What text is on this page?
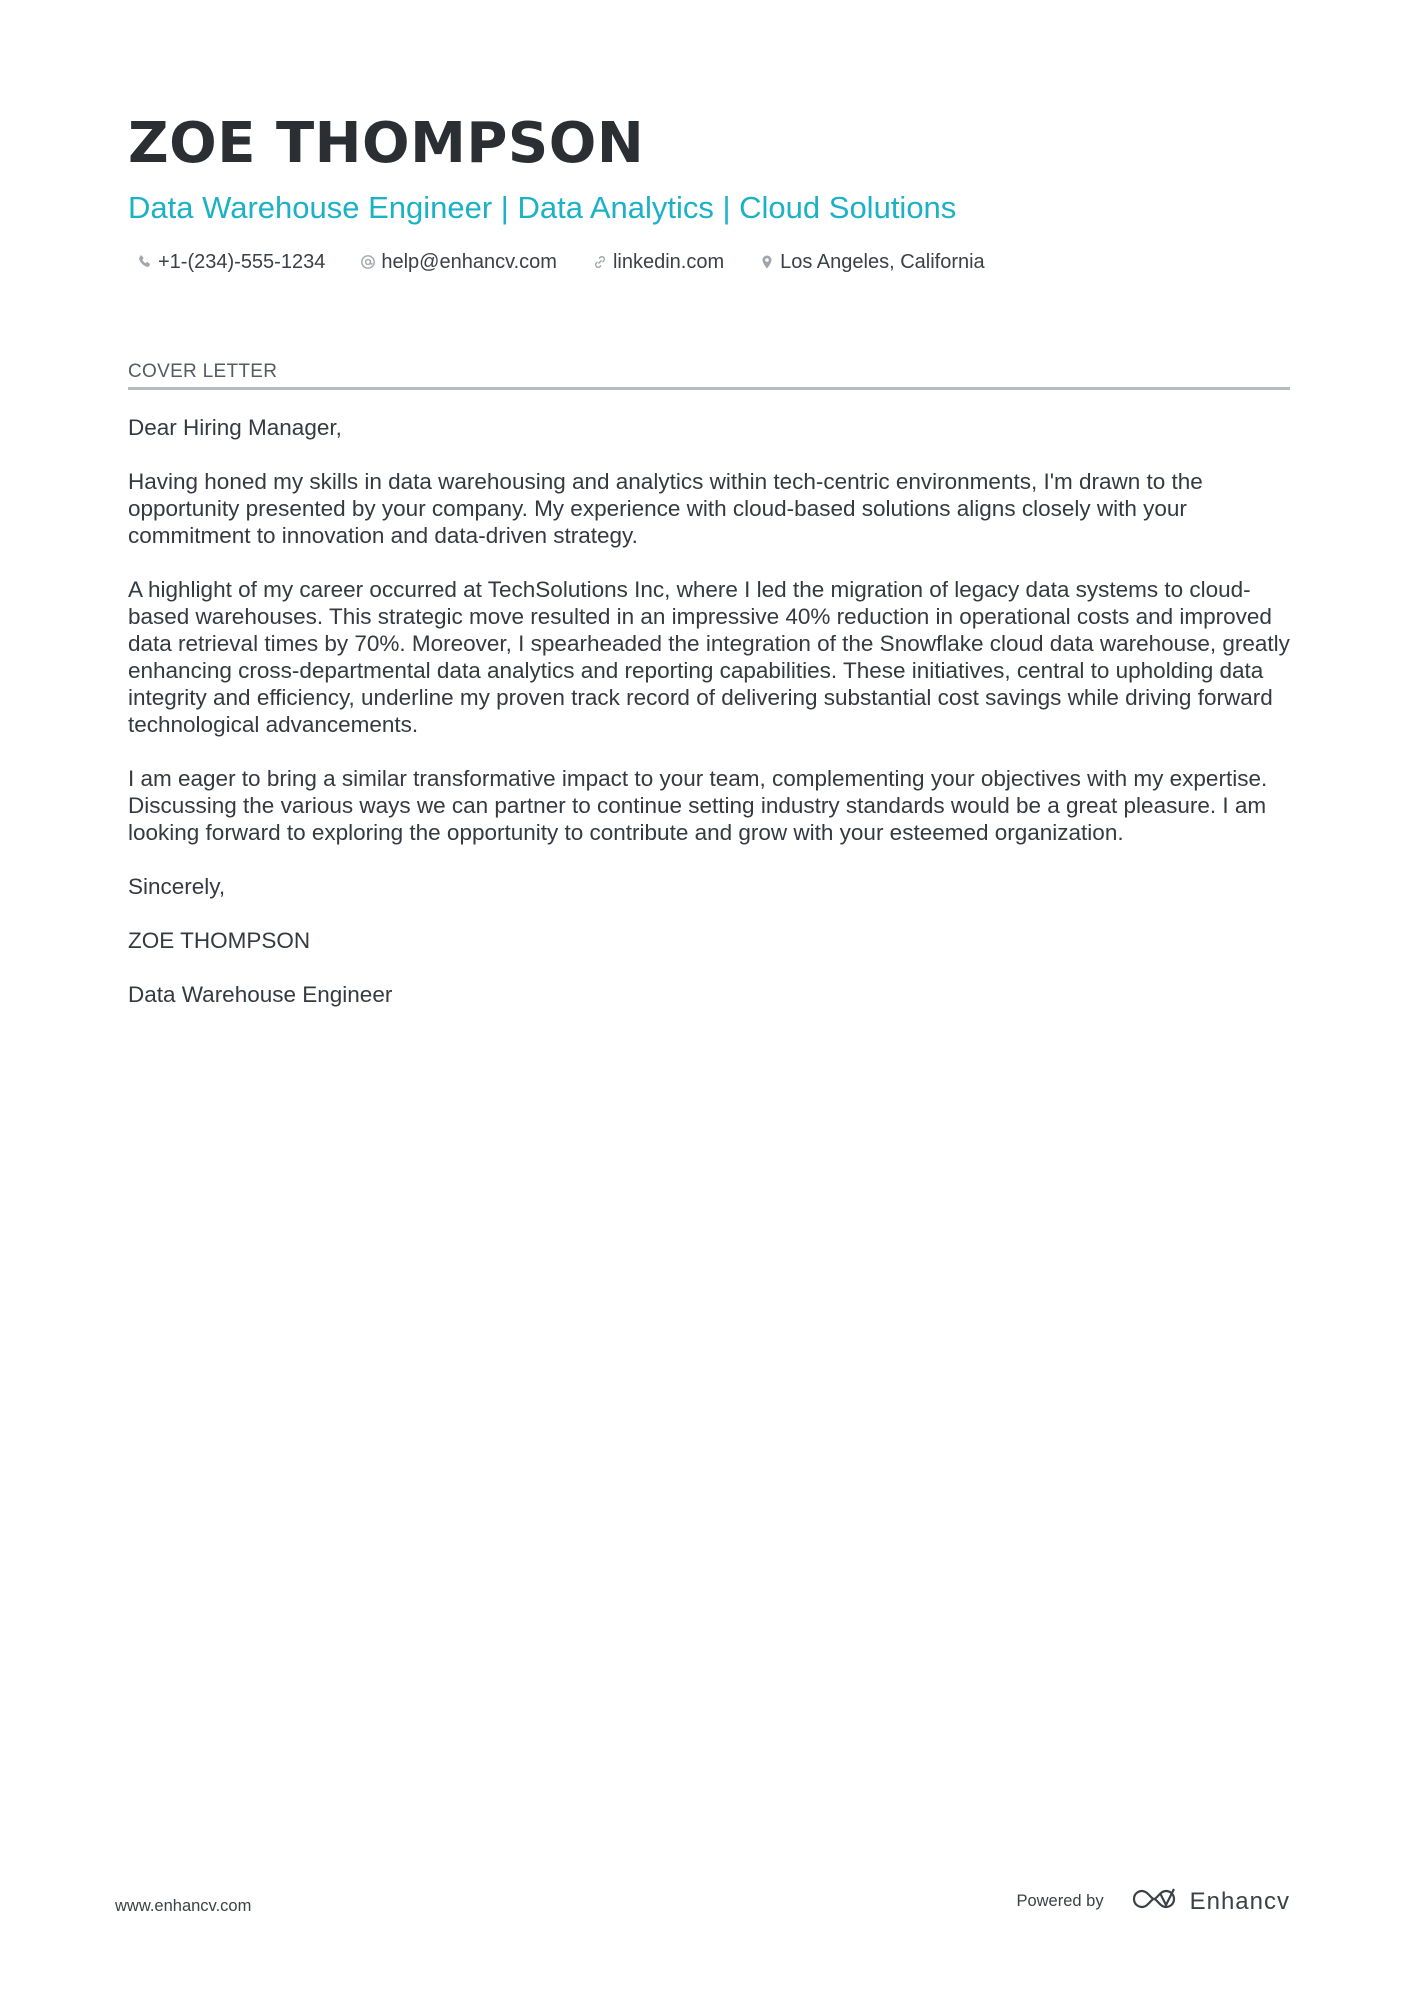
ZOE THOMPSON
Data Warehouse Engineer | Data Analytics | Cloud Solutions
+1-(234)-555-1234	help@enhancv.com	linkedin.com	Los Angeles, California
COVER LETTER

Dear Hiring Manager,

Having honed my skills in data warehousing and analytics within tech-centric environments, I'm drawn to the opportunity presented by your company. My experience with cloud-based solutions aligns closely with your commitment to innovation and data-driven strategy.

A highlight of my career occurred at TechSolutions Inc, where I led the migration of legacy data systems to cloud-based warehouses. This strategic move resulted in an impressive 40% reduction in operational costs and improved data retrieval times by 70%. Moreover, I spearheaded the integration of the Snowflake cloud data warehouse, greatly enhancing cross-departmental data analytics and reporting capabilities. These initiatives, central to upholding data integrity and efficiency, underline my proven track record of delivering substantial cost savings while driving forward technological advancements.

I am eager to bring a similar transformative impact to your team, complementing your objectives with my expertise. Discussing the various ways we can partner to continue setting industry standards would be a great pleasure. I am looking forward to exploring the opportunity to contribute and grow with your esteemed organization.

Sincerely,

ZOE THOMPSON

Data Warehouse Engineer

www.enhancv.com	Powered by	Enhancv
